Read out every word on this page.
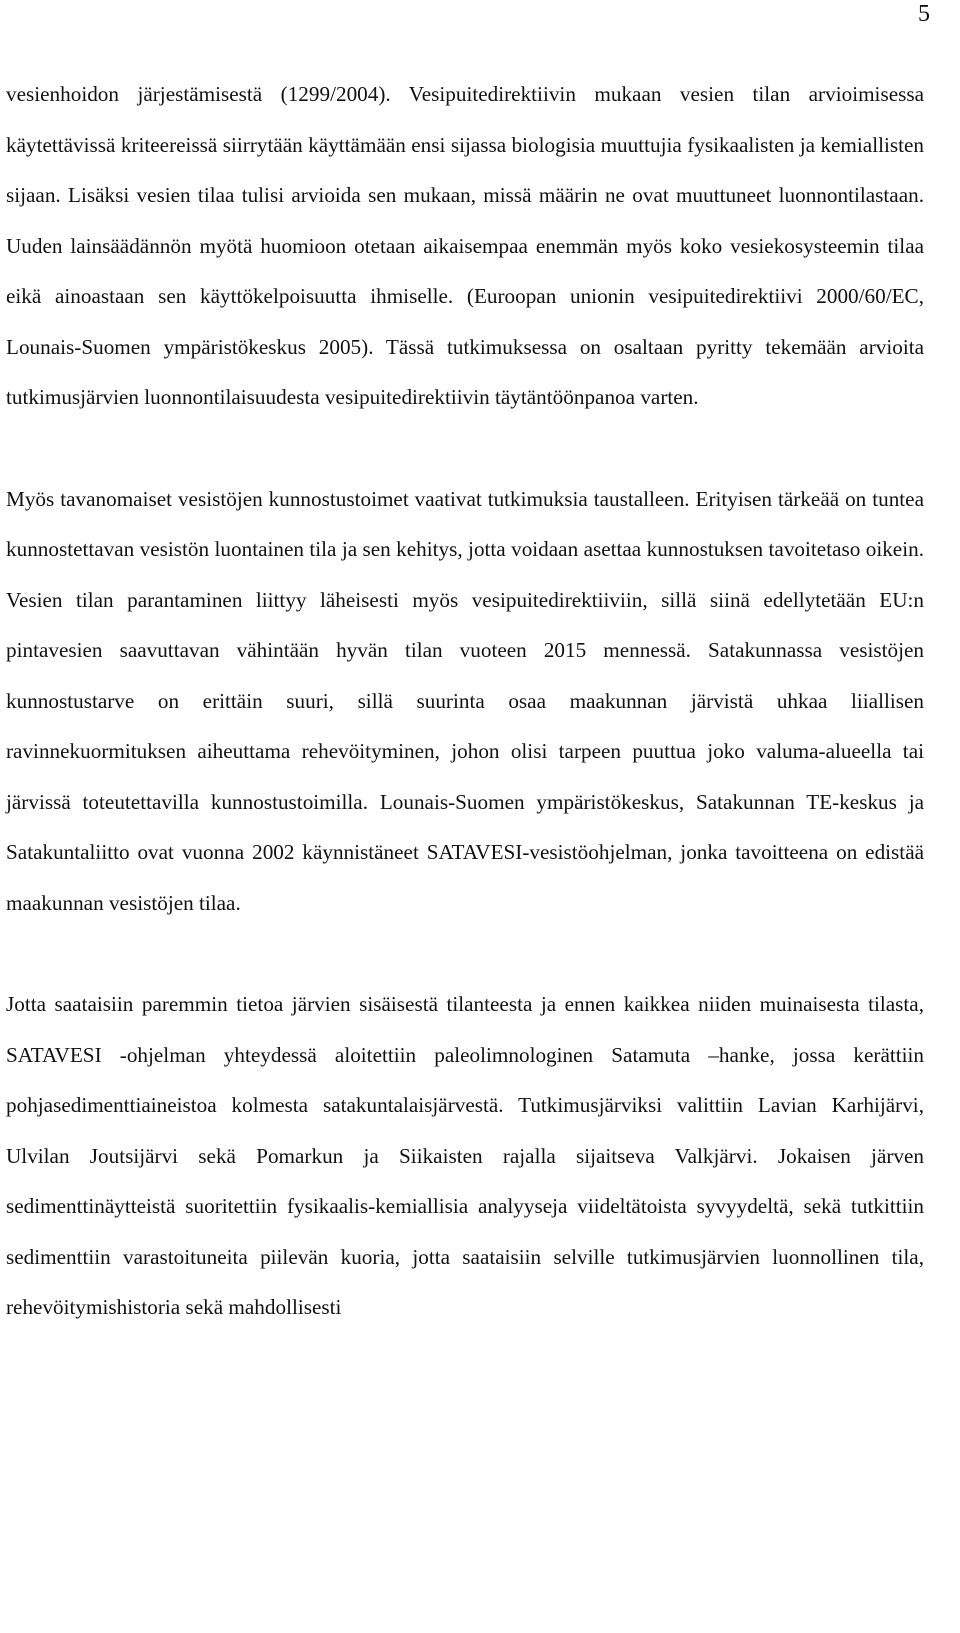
5

vesienhoidon järjestämisestä (1299/2004). Vesipuitedirektiivin mukaan vesien tilan arvioimisessa käytettävissä kriteereissä siirrytään käyttämään ensi sijassa biologisia muuttujia fysikaalisten ja kemiallisten sijaan. Lisäksi vesien tilaa tulisi arvioida sen mukaan, missä määrin ne ovat muuttuneet luonnontilastaan. Uuden lainsäädännön myötä huomioon otetaan aikaisempaa enemmän myös koko vesiekosysteemin tilaa eikä ainoastaan sen käyttökelpoisuutta ihmiselle. (Euroopan unionin vesipuitedirektiivi 2000/60/EC, Lounais-Suomen ympäristökeskus 2005). Tässä tutkimuksessa on osaltaan pyritty tekemään arvioita tutkimusjärvien luonnontilaisuudesta vesipuitedirektiivin täytäntöönpanoa varten.

Myös tavanomaiset vesistöjen kunnostustoimet vaativat tutkimuksia taustalleen. Erityisen tärkeää on tuntea kunnostettavan vesistön luontainen tila ja sen kehitys, jotta voidaan asettaa kunnostuksen tavoitetaso oikein. Vesien tilan parantaminen liittyy läheisesti myös vesipuitedirektiiviin, sillä siinä edellytetään EU:n pintavesien saavuttavan vähintään hyvän tilan vuoteen 2015 mennessä. Satakunnassa vesistöjen kunnostustarve on erittäin suuri, sillä suurinta osaa maakunnan järvistä uhkaa liiallisen ravinnekuormituksen aiheuttama rehevöityminen, johon olisi tarpeen puuttua joko valuma-alueella tai järvissä toteutettavilla kunnostustoimilla. Lounais-Suomen ympäristökeskus, Satakunnan TE-keskus ja Satakuntaliitto ovat vuonna 2002 käynnistäneet SATAVESI-vesistöohjelman, jonka tavoitteena on edistää maakunnan vesistöjen tilaa.

Jotta saataisiin paremmin tietoa järvien sisäisestä tilanteesta ja ennen kaikkea niiden muinaisesta tilasta, SATAVESI -ohjelman yhteydessä aloitettiin paleolimnologinen Satamuta –hanke, jossa kerättiin pohjasedimenttiaineistoa kolmesta satakuntalaisjärvestä. Tutkimusjärviksi valittiin Lavian Karhijärvi, Ulvilan Joutsijärvi sekä Pomarkun ja Siikaisten rajalla sijaitseva Valkjärvi. Jokaisen järven sedimenttinäytteistä suoritettiin fysikaalis-kemiallisia analyyseja viideltätoista syvyydeltä, sekä tutkittiin sedimenttiin varastoituneita piilevän kuoria, jotta saataisiin selville tutkimusjärvien luonnollinen tila, rehevöitymishistoria sekä mahdollisesti
